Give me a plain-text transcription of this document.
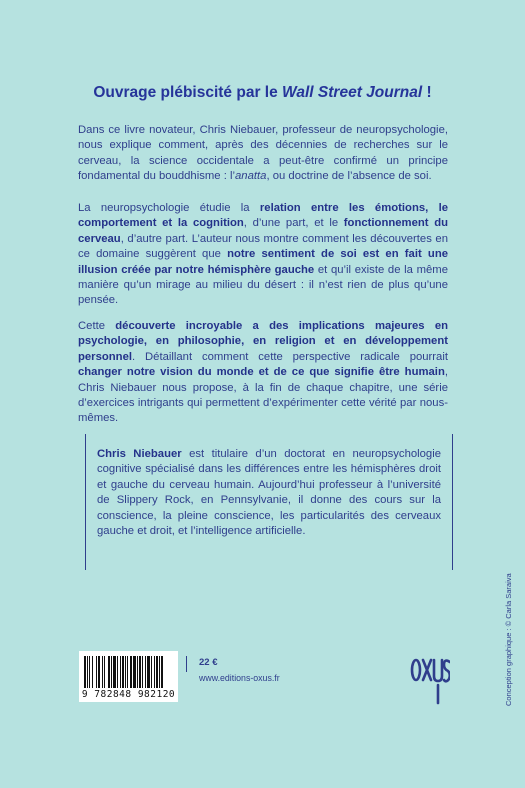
Ouvrage plébiscité par le Wall Street Journal !
Dans ce livre novateur, Chris Niebauer, professeur de neuropsychologie, nous explique comment, après des décennies de recherches sur le cerveau, la science occidentale a peut-être confirmé un principe fondamental du bouddhisme : l’anatta, ou doctrine de l’absence de soi.
La neuropsychologie étudie la relation entre les émotions, le comportement et la cognition, d’une part, et le fonctionnement du cerveau, d’autre part. L’auteur nous montre comment les découvertes en ce domaine suggèrent que notre sentiment de soi est en fait une illusion créée par notre hémisphère gauche et qu’il existe de la même manière qu’un mirage au milieu du désert : il n’est rien de plus qu’une pensée.
Cette découverte incroyable a des implications majeures en psychologie, en philosophie, en religion et en développement personnel. Détaillant comment cette perspective radicale pourrait changer notre vision du monde et de ce que signifie être humain, Chris Niebauer nous propose, à la fin de chaque chapitre, une série d’exercices intrigants qui permettent d’expérimenter cette vérité par nous-mêmes.
Chris Niebauer est titulaire d’un doctorat en neuropsychologie cognitive spécialisé dans les différences entre les hémisphères droit et gauche du cerveau humain. Aujourd’hui professeur à l’université de Slippery Rock, en Pennsylvanie, il donne des cours sur la conscience, la pleine conscience, les particularités des cerveaux gauche et droit, et l’intelligence artificielle.
9 782848 982120
22 €
www.editions-oxus.fr	Conception graphique : © Carla Saraiva
